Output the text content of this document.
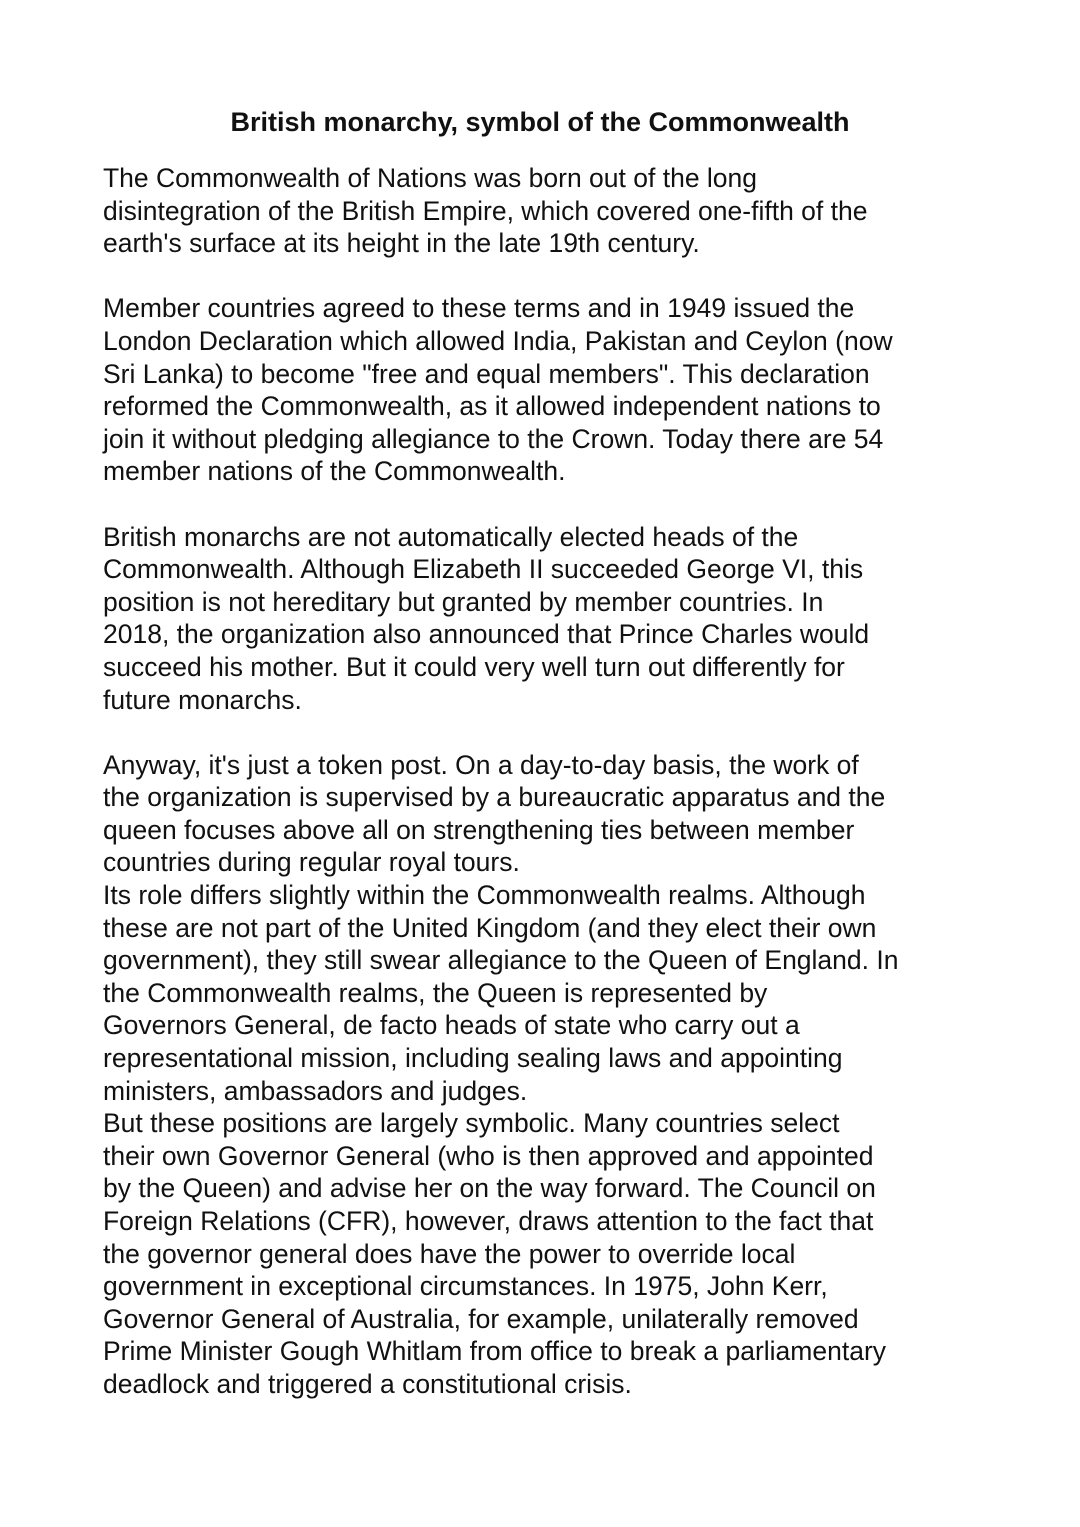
British monarchy, symbol of the Commonwealth

The Commonwealth of Nations was born out of the long
disintegration of the British Empire, which covered one-fifth of the
earth's surface at its height in the late 19th century.

Member countries agreed to these terms and in 1949 issued the
London Declaration which allowed India, Pakistan and Ceylon (now
Sri Lanka) to become "free and equal members". This declaration
reformed the Commonwealth, as it allowed independent nations to
join it without pledging allegiance to the Crown. Today there are 54
member nations of the Commonwealth.

British monarchs are not automatically elected heads of the
Commonwealth. Although Elizabeth II succeeded George VI, this
position is not hereditary but granted by member countries. In
2018, the organization also announced that Prince Charles would
succeed his mother. But it could very well turn out differently for
future monarchs.

Anyway, it's just a token post. On a day-to-day basis, the work of
the organization is supervised by a bureaucratic apparatus and the
queen focuses above all on strengthening ties between member
countries during regular royal tours.

Its role differs slightly within the Commonwealth realms. Although
these are not part of the United Kingdom (and they elect their own
government), they still swear allegiance to the Queen of England. In
the Commonwealth realms, the Queen is represented by
Governors General, de facto heads of state who carry out a
representational mission, including sealing laws and appointing
ministers, ambassadors and judges.

But these positions are largely symbolic. Many countries select
their own Governor General (who is then approved and appointed
by the Queen) and advise her on the way forward. The Council on
Foreign Relations (CFR), however, draws attention to the fact that
the governor general does have the power to override local
government in exceptional circumstances. In 1975, John Kerr,
Governor General of Australia, for example, unilaterally removed
Prime Minister Gough Whitlam from office to break a parliamentary
deadlock and triggered a constitutional crisis.
